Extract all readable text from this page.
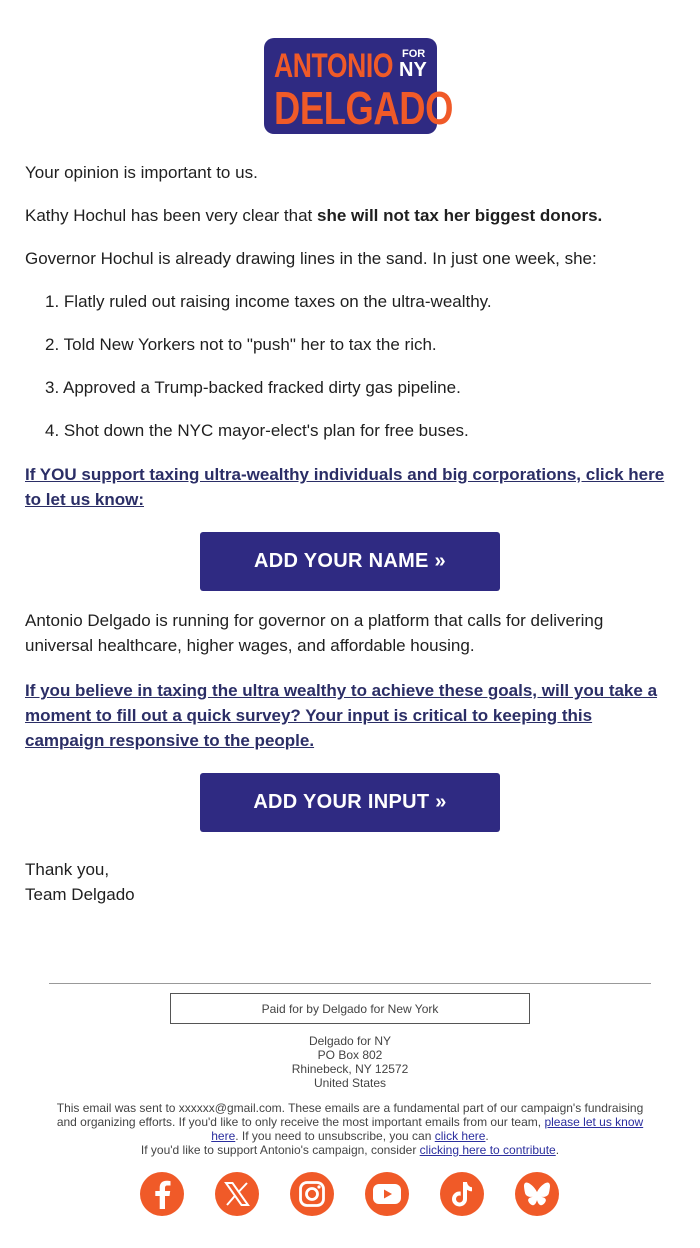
ANTONIO FOR
NY
DELGADO

Your opinion is important to us.

Kathy Hochul has been very clear that she will not tax her biggest donors.

Governor Hochul is already drawing lines in the sand. In just one week, she:

1. Flatly ruled out raising income taxes on the ultra-wealthy.
2. Told New Yorkers not to "push" her to tax the rich.
3. Approved a Trump-backed fracked dirty gas pipeline.
4. Shot down the NYC mayor-elect's plan for free buses.
If YOU support taxing ultra-wealthy individuals and big corporations, click here to let us know:

Antonio Delgado is running for governor on a platform that calls for delivering universal healthcare, higher wages, and affordable housing.

If you believe in taxing the ultra wealthy to achieve these goals, will you take a moment to fill out a quick survey? Your input is critical to keeping this campaign responsive to the people.
Thank you,
Team Delgado
ADD YOUR NAME »
ADD YOUR INPUT »
Paid for by Delgado for New York
Delgado for NY
PO Box 802
Rhinebeck, NY 12572
United States
This email was sent to xxxxxx@gmail.com. These emails are a fundamental part of our campaign's fundraising and organizing efforts. If you'd like to only receive the most important emails from our team, please let us know here. If you need to unsubscribe, you can click here.
If you'd like to support Antonio's campaign, consider clicking here to contribute.
